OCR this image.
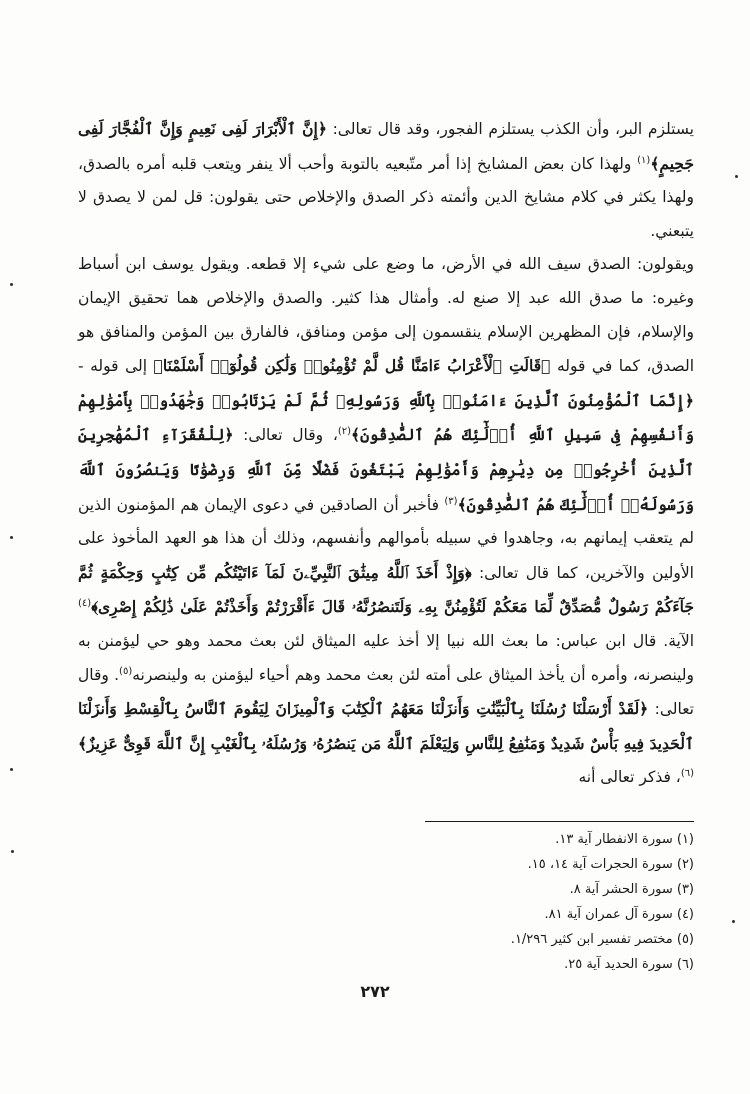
يستلزم البر، وأن الكذب يستلزم الفجور، وقد قال تعالى: ﴿إِنَّ ٱلْأَبْرَارَ لَفِى نَعِيمٍ وَإِنَّ ٱلْفُجَّارَ لَفِى جَحِيمٍ﴾$^{(١)}$ ولهذا كان بعض المشايخ إذا أمر متّبعيه بالتوبة وأحب ألا ينفر ويتعب قلبه أمره بالصدق، ولهذا يكثر في كلام مشايخ الدين وأئمته ذكر الصدق والإخلاص حتى يقولون: قل لمن لا يصدق لا يتبعني.

ويقولون: الصدق سيف الله في الأرض، ما وضع على شيء إلا قطعه. ويقول يوسف ابن أسباط وغيره: ما صدق الله عبد إلا صنع له. وأمثال هذا كثير. والصدق والإخلاص هما تحقيق الإيمان والإسلام، فإن المظهرين الإسلام ينقسمون إلى مؤمن ومنافق، فالفارق بين المؤمن والمنافق هو الصدق، كما في قوله ﴿قَالَتِ ٱلْأَعْرَابُ ءَامَنَّا قُل لَّمْ تُؤْمِنُوا۟ وَلَٰكِن قُولُوٓا۟ أَسْلَمْنَا﴾ إلى قوله - ﴿إِنَّمَا ٱلْمُؤْمِنُونَ ٱلَّذِينَ ءَامَنُوا۟ بِٱللَّهِ وَرَسُولِهِۦ ثُمَّ لَمْ يَرْتَابُوا۟ وَجَٰهَدُوا۟ بِأَمْوَٰلِهِمْ وَأَنفُسِهِمْ فِى سَبِيلِ ٱللَّهِ أُو۟لَٰٓئِكَ هُمُ ٱلصَّٰدِقُونَ﴾$^{(٢)}$، وقال تعالى: ﴿لِلْفُقَرَآءِ ٱلْمُهَٰجِرِينَ ٱلَّذِينَ أُخْرِجُوا۟ مِن دِيَٰرِهِمْ وَأَمْوَٰلِهِمْ يَبْتَغُونَ فَضْلًا مِّنَ ٱللَّهِ وَرِضْوَٰنًا وَيَنصُرُونَ ٱللَّهَ وَرَسُولَهُۥٓ أُو۟لَٰٓئِكَ هُمُ ٱلصَّٰدِقُونَ﴾$^{(٣)}$ فأخبر أن الصادقين في دعوى الإيمان هم المؤمنون الذين لم يتعقب إيمانهم به، وجاهدوا في سبيله بأموالهم وأنفسهم، وذلك أن هذا هو العهد المأخوذ على الأولين والآخرين، كما قال تعالى: ﴿وَإِذْ أَخَذَ ٱللَّهُ مِيثَٰقَ ٱلنَّبِيِّۦنَ لَمَآ ءَاتَيْتُكُم مِّن كِتَٰبٍ وَحِكْمَةٍ ثُمَّ جَآءَكُمْ رَسُولٌ مُّصَدِّقٌ لِّمَا مَعَكُمْ لَتُؤْمِنُنَّ بِهِۦ وَلَتَنصُرُنَّهُۥ قَالَ ءَأَقْرَرْتُمْ وَأَخَذْتُمْ عَلَىٰ ذَٰلِكُمْ إِصْرِى﴾$^{(٤)}$ الآية. قال ابن عباس: ما بعث الله نبيا إلا أخذ عليه الميثاق لئن بعث محمد وهو حي ليؤمنن به ولينصرنه، وأمره أن يأخذ الميثاق على أمته لئن بعث محمد وهم أحياء ليؤمنن به ولينصرنه$^{(٥)}$. وقال تعالى: ﴿لَقَدْ أَرْسَلْنَا رُسُلَنَا بِٱلْبَيِّنَٰتِ وَأَنزَلْنَا مَعَهُمُ ٱلْكِتَٰبَ وَٱلْمِيزَانَ لِيَقُومَ ٱلنَّاسُ بِٱلْقِسْطِ وَأَنزَلْنَا ٱلْحَدِيدَ فِيهِ بَأْسٌ شَدِيدٌ وَمَنَٰفِعُ لِلنَّاسِ وَلِيَعْلَمَ ٱللَّهُ مَن يَنصُرُهُۥ وَرُسُلَهُۥ بِٱلْغَيْبِ إِنَّ ٱللَّهَ قَوِىٌّ عَزِيزٌ﴾$^{(٦)}$، فذكر تعالى أنه

(١) سورة الانفطار آية ١٣.
(٢) سورة الحجرات آية ١٤، ١٥.
(٣) سورة الحشر آية ٨.
(٤) سورة آل عمران آية ٨١.
(٥) مختصر تفسير ابن كثير ١/٢٩٦.
(٦) سورة الحديد آية ٢٥.
٢٧٢
